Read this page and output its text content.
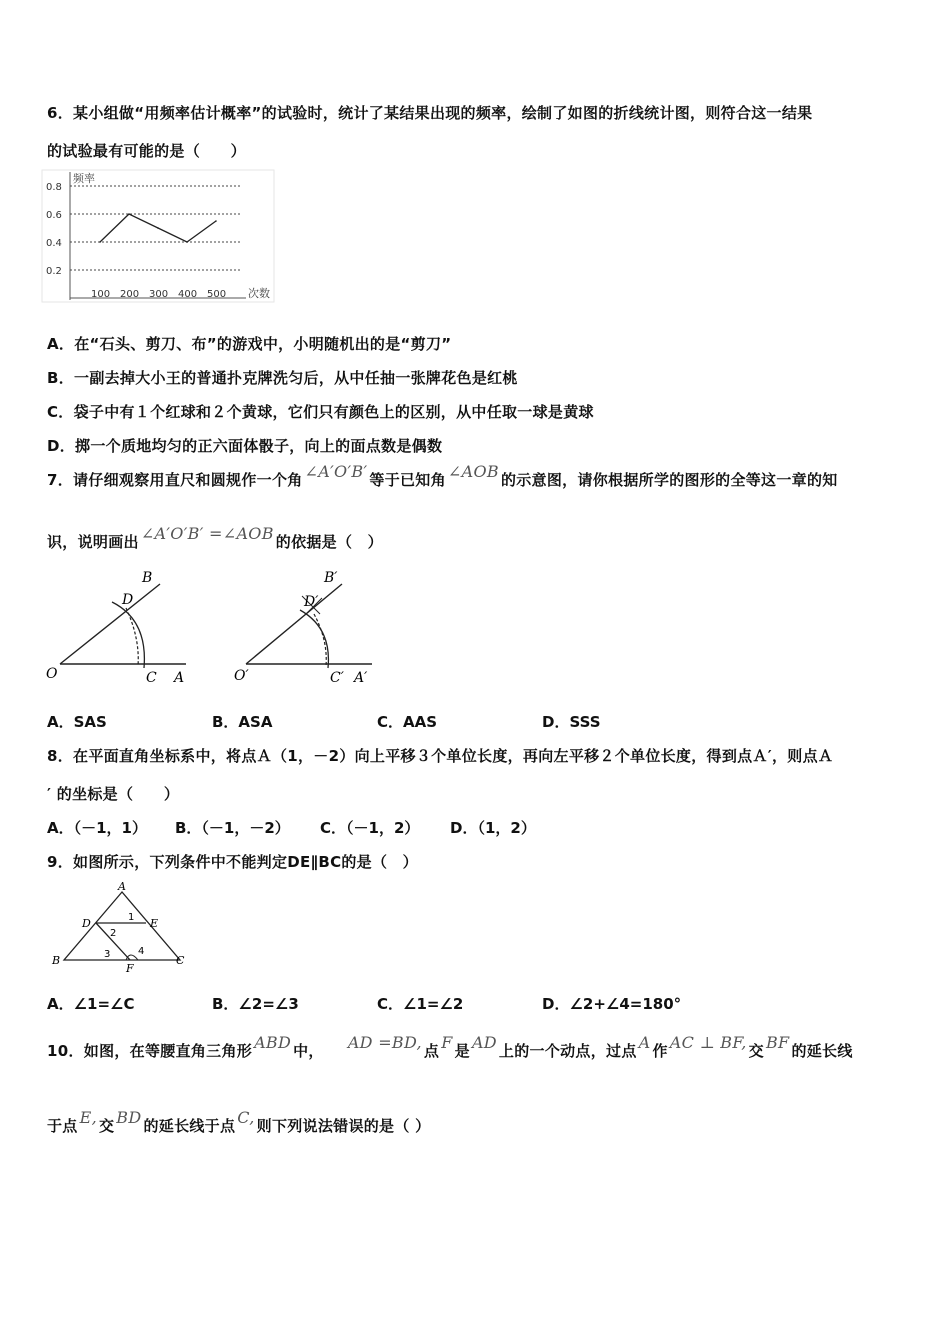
6．某小组做“用频率估计概率”的试验时，统计了某结果出现的频率，绘制了如图的折线统计图，则符合这一结果
的试验最有可能的是（　　）
频率
次数
0.8
0.6
0.4
0.2
100 200 300 400 500
A．在“石头、剪刀、布”的游戏中，小明随机出的是“剪刀”
B．一副去掉大小王的普通扑克牌洗匀后，从中任抽一张牌花色是红桃
C．袋子中有１个红球和２个黄球，它们只有颜色上的区别，从中任取一球是黄球
D．掷一个质地均匀的正六面体骰子，向上的面点数是偶数
7．请仔细观察用直尺和圆规作一个角 ∠A′O′B′ 等于已知角 ∠AOB 的示意图，请你根据所学的图形的全等这一章的知
识，说明画出 ∠A′O′B′ =∠AOB 的依据是（　）
O
B
D
C A	O′
B′
D′
C′ A′
A．SAS	B．ASA	C．AAS	D．SSS
8．在平面直角坐标系中，将点Ａ（1，－2）向上平移３个单位长度，再向左平移２个单位长度，得到点Ａ′，则点Ａ
′ 的坐标是（　　）
A．（－1，1） B．（－1，－2） C．（－1，2） D．（1，2）
9．如图所示，下列条件中不能判定DE∥BC的是（　）
A
D	E
B	C
F
1
2
3	4
A．∠1=∠C	B．∠2=∠3	C．∠1=∠2	D．∠2+∠4=180°
10．如图，在等腰直角三角形 ABD 中， AD =BD, 点 F 是 AD 上的一个动点，过点 A 作 AC ⊥ BF, 交 BF 的延长线
于点 E, 交 BD 的延长线于点 C, 则下列说法错误的是（ ）
